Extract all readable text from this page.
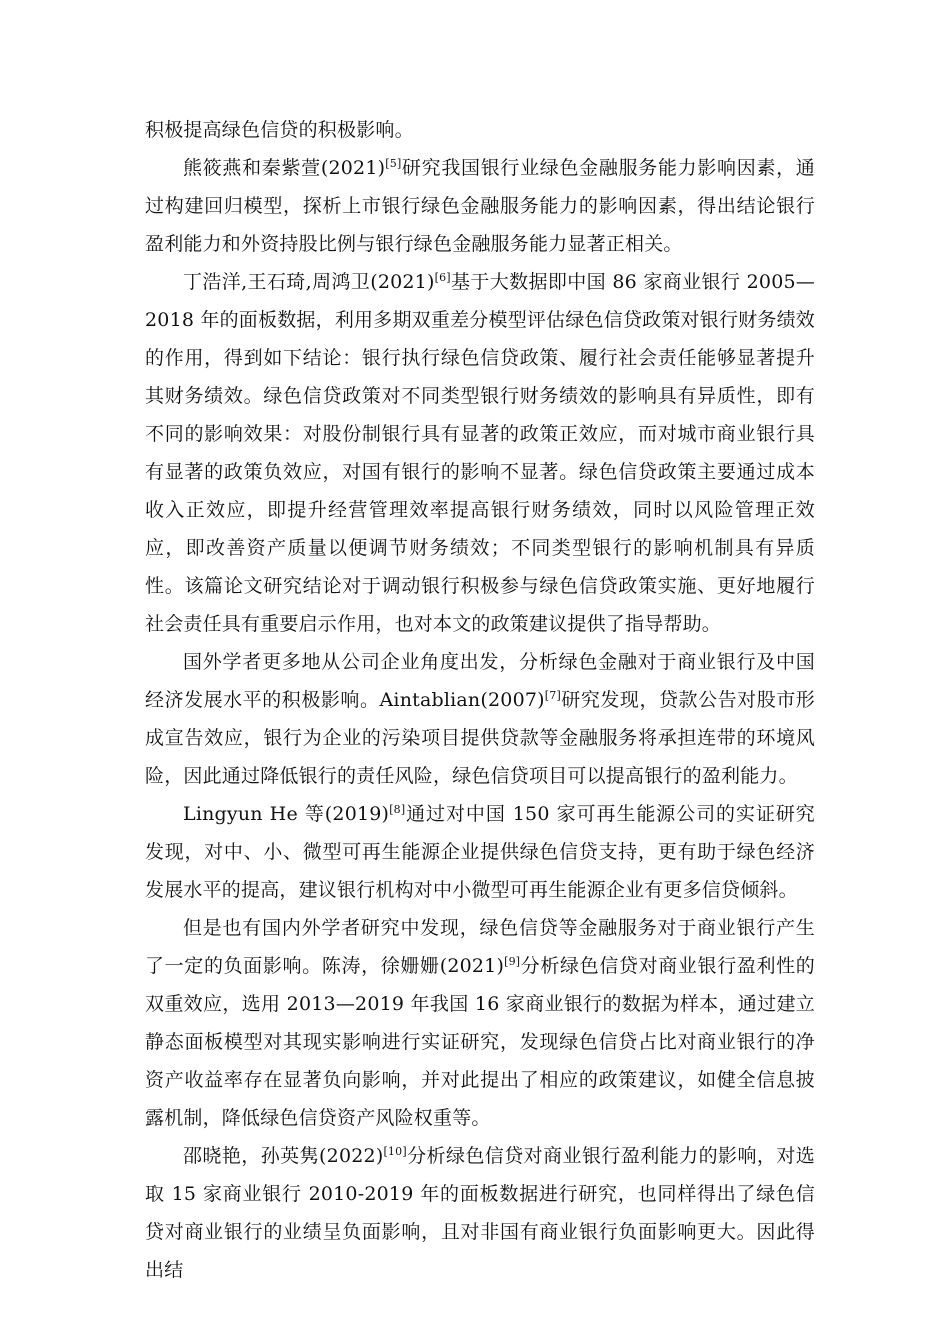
积极提高绿色信贷的积极影响。

熊筱燕和秦紫萱(2021)[5]研究我国银行业绿色金融服务能力影响因素，通过构建回归模型，探析上市银行绿色金融服务能力的影响因素，得出结论银行盈利能力和外资持股比例与银行绿色金融服务能力显著正相关。

丁浩洋,王石琦,周鸿卫(2021)[6]基于大数据即中国 86 家商业银行 2005—2018 年的面板数据，利用多期双重差分模型评估绿色信贷政策对银行财务绩效的作用，得到如下结论：银行执行绿色信贷政策、履行社会责任能够显著提升其财务绩效。绿色信贷政策对不同类型银行财务绩效的影响具有异质性，即有不同的影响效果：对股份制银行具有显著的政策正效应，而对城市商业银行具有显著的政策负效应，对国有银行的影响不显著。绿色信贷政策主要通过成本收入正效应，即提升经营管理效率提高银行财务绩效，同时以风险管理正效应，即改善资产质量以便调节财务绩效；不同类型银行的影响机制具有异质性。该篇论文研究结论对于调动银行积极参与绿色信贷政策实施、更好地履行社会责任具有重要启示作用，也对本文的政策建议提供了指导帮助。

国外学者更多地从公司企业角度出发，分析绿色金融对于商业银行及中国经济发展水平的积极影响。Aintablian(2007)[7]研究发现，贷款公告对股市形成宣告效应，银行为企业的污染项目提供贷款等金融服务将承担连带的环境风险，因此通过降低银行的责任风险，绿色信贷项目可以提高银行的盈利能力。

Lingyun He 等(2019)[8]通过对中国 150 家可再生能源公司的实证研究发现，对中、小、微型可再生能源企业提供绿色信贷支持，更有助于绿色经济发展水平的提高，建议银行机构对中小微型可再生能源企业有更多信贷倾斜。

但是也有国内外学者研究中发现，绿色信贷等金融服务对于商业银行产生了一定的负面影响。陈涛，徐姗姗(2021)[9]分析绿色信贷对商业银行盈利性的双重效应，选用 2013—2019 年我国 16 家商业银行的数据为样本，通过建立静态面板模型对其现实影响进行实证研究，发现绿色信贷占比对商业银行的净资产收益率存在显著负向影响，并对此提出了相应的政策建议，如健全信息披露机制，降低绿色信贷资产风险权重等。

邵晓艳，孙英隽(2022)[10]分析绿色信贷对商业银行盈利能力的影响，对选取 15 家商业银行 2010-2019 年的面板数据进行研究，也同样得出了绿色信贷对商业银行的业绩呈负面影响，且对非国有商业银行负面影响更大。因此得出结
